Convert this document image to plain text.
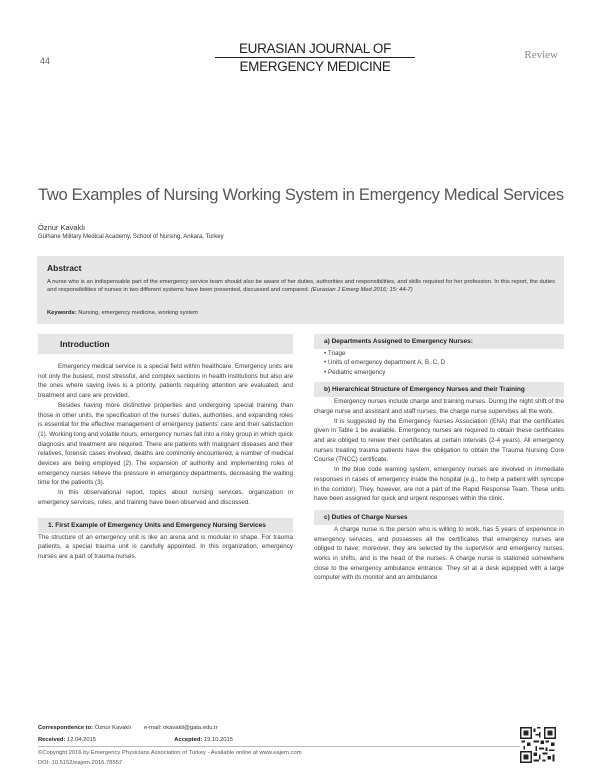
44
EURASIAN JOURNAL OF
EMERGENCY MEDICINE
Review
Two Examples of Nursing Working System in Emergency Medical Services
Öznur Kavaklı
Gülhane Military Medical Academy, School of Nursing, Ankara, Turkey
Abstract

A nurse who is an indispensable part of the emergency service team should also be aware of her duties, authorities and responsibilities, and skills required for her profession. In this report, the duties and responsibilities of nurses in two different systems have been presented, discussed and compared. (Eurasian J Emerg Med 2016; 15: 44-7)

Keywords: Nursing, emergency medicine, working system
Introduction

Emergency medical service is a special field within healthcare. Emergency units are not only the busiest, most stressful, and complex sections in health institutions but also are the ones where saving lives is a priority, patients requiring attention are evaluated, and treatment and care are provided.

Besides having more distinctive properties and undergoing special training than those in other units, the specification of the nurses' duties, authorities, and expanding roles is essential for the effective management of emergency patients' care and their satisfaction (1). Working long and volatile hours, emergency nurses fall into a risky group in which quick diagnosis and treatment are required. There are patients with malignant diseases and their relatives, forensic cases involved, deaths are commonly encountered, a number of medical devices are being employed (2). The expansion of authority and implementing roles of emergency nurses relieve the pressure in emergency departments, decreasing the waiting time for the patients (3).

In this observational report, topics about nursing services, organization in emergency services, roles, and training have been observed and discussed.

1. First Example of Emergency Units and Emergency Nursing Services

The structure of an emergency unit is like an arena and is modular in shape. For trauma patients, a special trauma unit is carefully appointed. In this organization, emergency nurses are a part of trauma nurses.

a) Departments Assigned to Emergency Nurses:
• Triage
• Units of emergency department A, B, C, D
• Pediatric emergency
b) Hierarchical Structure of Emergency Nurses and their Training

Emergency nurses include charge and training nurses. During the night shift of the charge nurse and assistant and staff nurses, the charge nurse supervises all the work.

It is suggested by the Emergency Nurses Association (ENA) that the certificates given in Table 1 be available. Emergency nurses are required to obtain these certificates and are obliged to renew their certificates at certain intervals (2-4 years). All emergency nurses treating trauma patients have the obligation to obtain the Trauma Nursing Core Course (TNCC) certificate.

In the blue code warning system, emergency nurses are involved in immediate responses in cases of emergency inside the hospital (e.g., to help a patient with syncope in the corridor). They, however, are not a part of the Rapid Response Team. These units have been assigned for quick and urgent responses within the clinic.

c) Duties of Charge Nurses

A charge nurse is the person who is willing to work, has 5 years of experience in emergency services, and possesses all the certificates that emergency nurses are obliged to have; moreover, they are selected by the supervisor and emergency nurses, works in shifts, and is the head of the nurses. A charge nurse is stationed somewhere close to the emergency ambulance entrance. They sit at a desk equipped with a large computer with its monitor and an ambulance

Correspondence to: Öznur Kavaklı e-mail: okavakli@gata.edu.tr
Received: 12.04.2015	Accepted: 19.10.2015
©Copyright 2016 by Emergency Physicians Association of Turkey - Available online at www.eajem.com
DOI: 10.5152/eajem.2016.78557
